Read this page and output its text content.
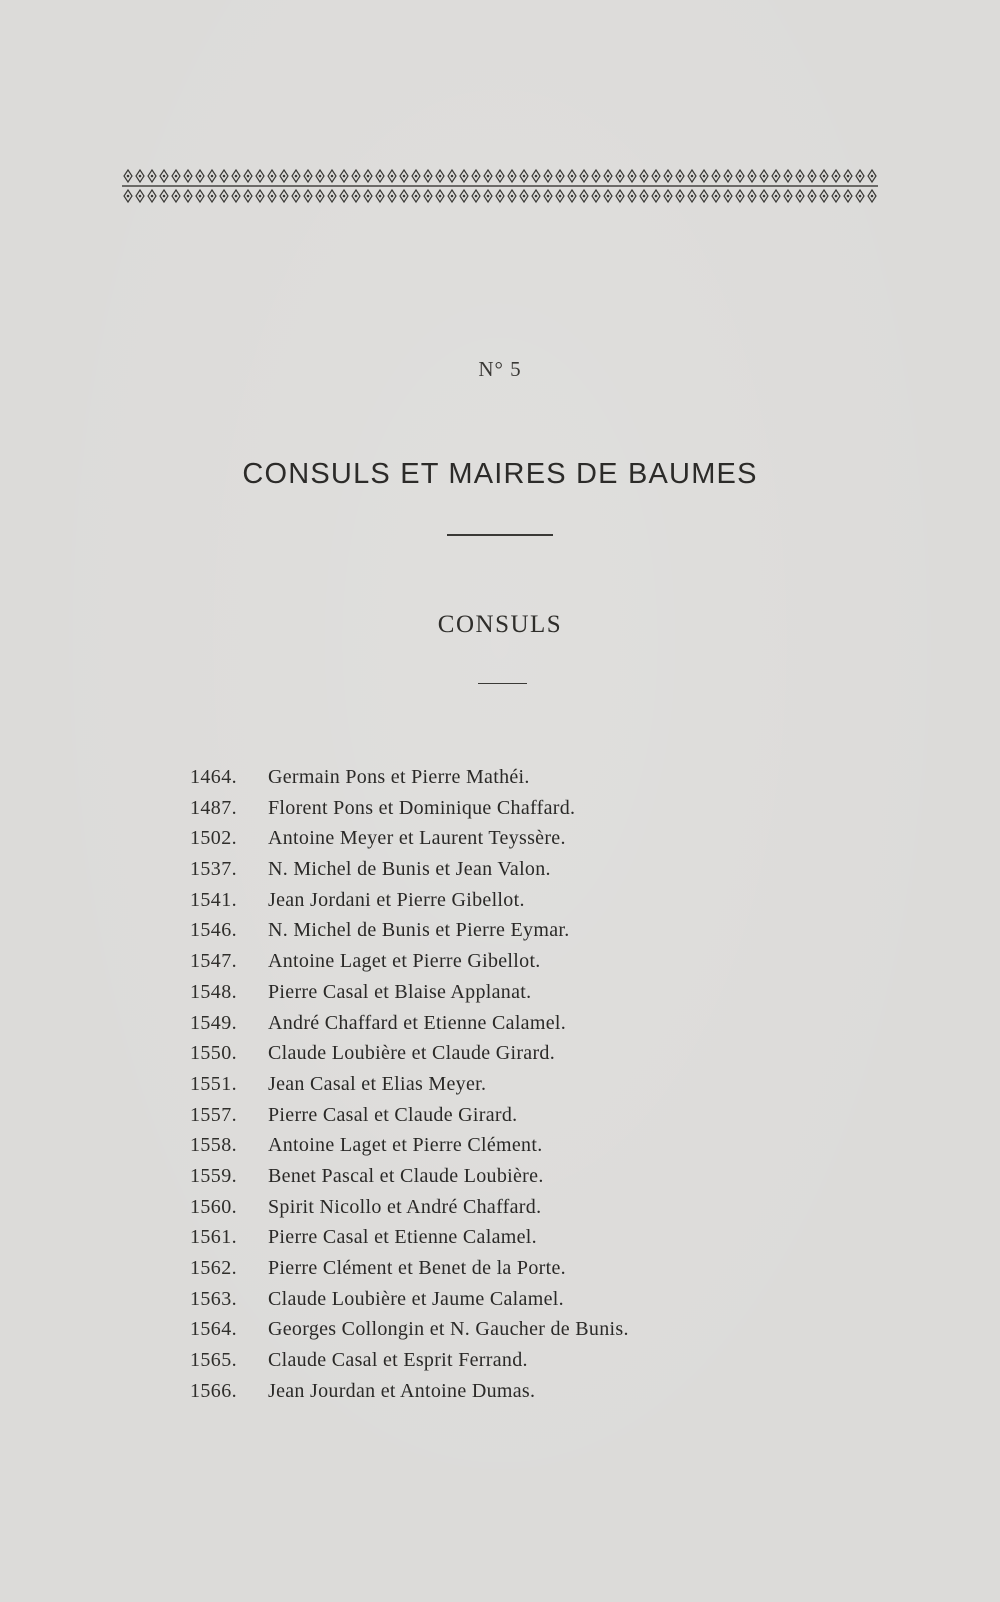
N° 5
CONSULS ET MAIRES DE BAUMES
CONSULS
1464. Germain Pons et Pierre Mathéi.
1487. Florent Pons et Dominique Chaffard.
1502. Antoine Meyer et Laurent Teyssère.
1537. N. Michel de Bunis et Jean Valon.
1541. Jean Jordani et Pierre Gibellot.
1546. N. Michel de Bunis et Pierre Eymar.
1547. Antoine Laget et Pierre Gibellot.
1548. Pierre Casal et Blaise Applanat.
1549. André Chaffard et Etienne Calamel.
1550. Claude Loubière et Claude Girard.
1551. Jean Casal et Elias Meyer.
1557. Pierre Casal et Claude Girard.
1558. Antoine Laget et Pierre Clément.
1559. Benet Pascal et Claude Loubière.
1560. Spirit Nicollo et André Chaffard.
1561. Pierre Casal et Etienne Calamel.
1562. Pierre Clément et Benet de la Porte.
1563. Claude Loubière et Jaume Calamel.
1564. Georges Collongin et N. Gaucher de Bunis.
1565. Claude Casal et Esprit Ferrand.
1566. Jean Jourdan et Antoine Dumas.
